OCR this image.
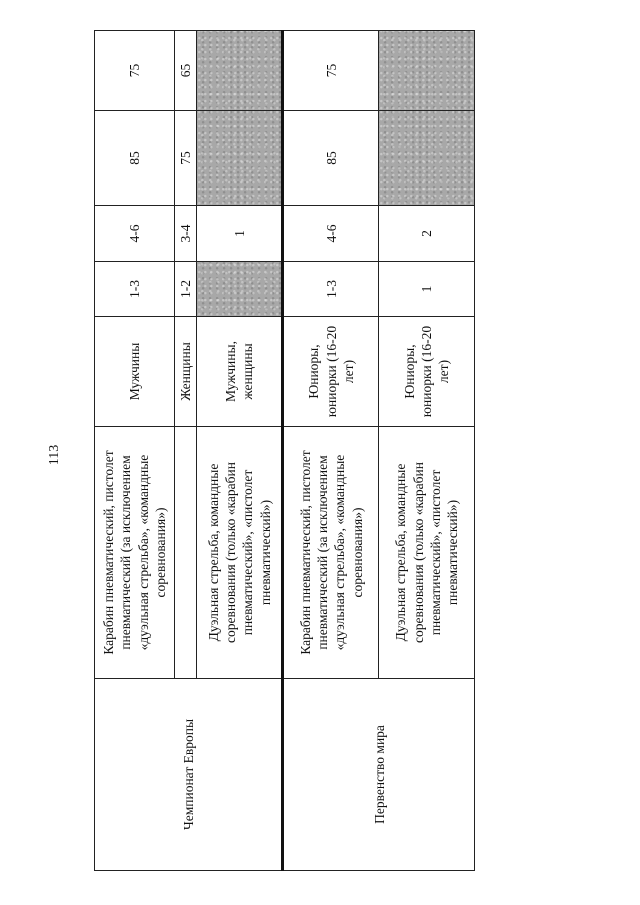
113
Чемпионат Европы	Карабин пневматический, пистолет пневматический (за исключением «дуэльная стрельба», «командные соревнования»)	Мужчины	1-3	4-6	85	75
		Женщины	1-2	3-4	75	65
	Дуэльная стрельба, командные соревнования (только «карабин пневматический», «пистолет пневматический»)	Мужчины, женщины		1		
Первенство мира	Карабин пневматический, пистолет пневматический (за исключением «дуэльная стрельба», «командные соревнования»)	Юниоры, юниорки (16-20 лет)	1-3	4-6	85	75
	Дуэльная стрельба, командные соревнования (только «карабин пневматический», «пистолет пневматический»)	Юниоры, юниорки (16-20 лет)	1	2		
